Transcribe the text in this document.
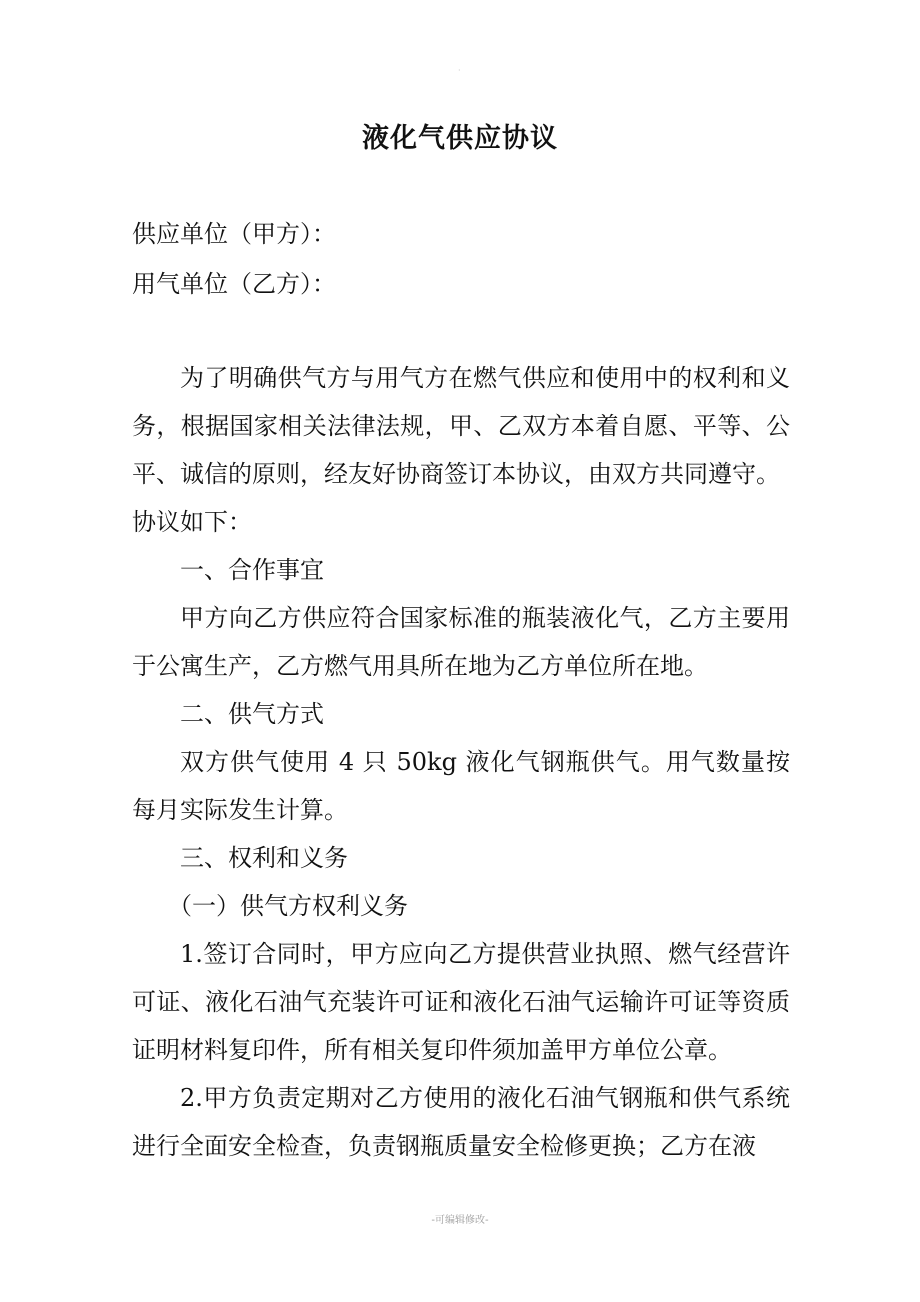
·
液化气供应协议
供应单位（甲方）：
用气单位（乙方）：

为了明确供气方与用气方在燃气供应和使用中的权利和义务，根据国家相关法律法规，甲、乙双方本着自愿、平等、公平、诚信的原则，经友好协商签订本协议，由双方共同遵守。

协议如下：

一、合作事宜

甲方向乙方供应符合国家标准的瓶装液化气，乙方主要用于公寓生产，乙方燃气用具所在地为乙方单位所在地。

二、供气方式

双方供气使用 4 只 50kg 液化气钢瓶供气。用气数量按每月实际发生计算。

三、权利和义务

（一）供气方权利义务

1.签订合同时，甲方应向乙方提供营业执照、燃气经营许可证、液化石油气充装许可证和液化石油气运输许可证等资质证明材料复印件，所有相关复印件须加盖甲方单位公章。

2.甲方负责定期对乙方使用的液化石油气钢瓶和供气系统进行全面安全检查，负责钢瓶质量安全检修更换；乙方在液

-可编辑修改-
